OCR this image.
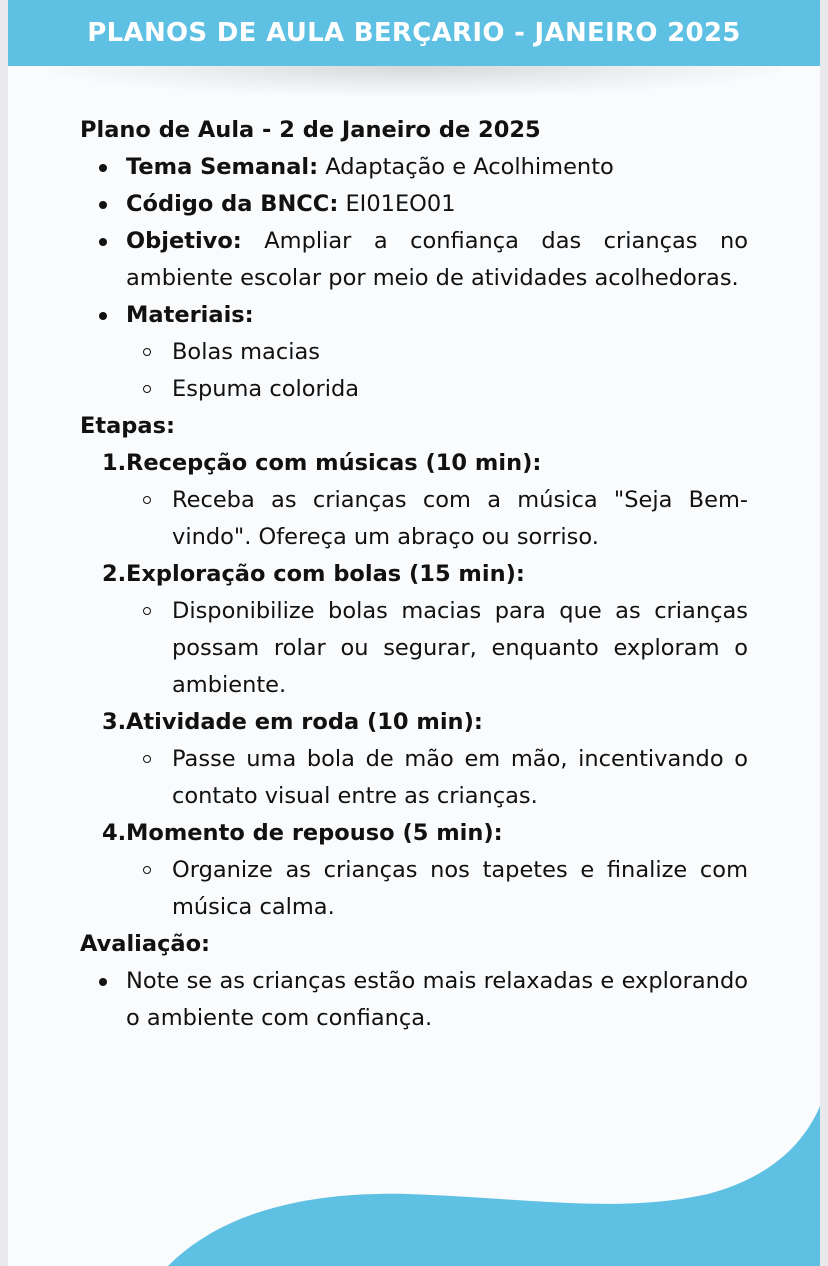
PLANOS DE AULA BERÇARIO - JANEIRO 2025
Plano de Aula - 2 de Janeiro de 2025
Tema Semanal: Adaptação e Acolhimento
Código da BNCC: EI01EO01
Objetivo: Ampliar a confiança das crianças no ambiente escolar por meio de atividades acolhedoras.
Materiais:
Bolas macias
Espuma colorida
Etapas:
1. Recepção com músicas (10 min):
Receba as crianças com a música "Seja Bem-vindo". Ofereça um abraço ou sorriso.
2. Exploração com bolas (15 min):
Disponibilize bolas macias para que as crianças possam rolar ou segurar, enquanto exploram o ambiente.
3. Atividade em roda (10 min):
Passe uma bola de mão em mão, incentivando o contato visual entre as crianças.
4. Momento de repouso (5 min):
Organize as crianças nos tapetes e finalize com música calma.
Avaliação:
Note se as crianças estão mais relaxadas e explorando o ambiente com confiança.
